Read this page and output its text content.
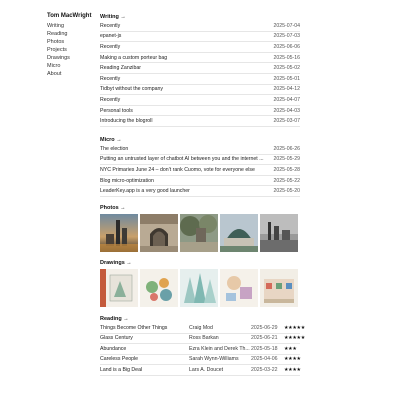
Tom MacWright
Writing
Reading
Photos
Projects
Drawings
Micro
About
Writing →
Recently	2025-07-04
epanet-js	2025-07-03
Recently	2025-06-06
Making a custom porteur bag	2025-05-16
Reading Zanzibar	2025-05-02
Recently	2025-05-01
Tidbyt without the company	2025-04-12
Recently	2025-04-07
Personal tools	2025-04-03
Introducing the blogroll	2025-03-07
Micro →
The election	2025-06-26
Putting an untrusted layer of chatbot AI between you and the internet ...	2025-05-29
NYC Primaries June 24 – don’t rank Cuomo, vote for everyone else	2025-05-28
Blog micro-optimization	2025-05-22
LeaderKey.app is a very good launcher	2025-05-20
Photos →
Drawings →
Reading →
Things Become Other Things	Craig Mod	2025-06-29	★★★★★
Glass Century	Ross Barkan	2025-06-21	★★★★★
Abundance	Ezra Klein and Derek Th... 2025-05-18	★★★
Careless People	Sarah Wynn-Williams	2025-04-06	★★★★
Land is a Big Deal	Lars A. Doucet	2025-03-22	★★★★
